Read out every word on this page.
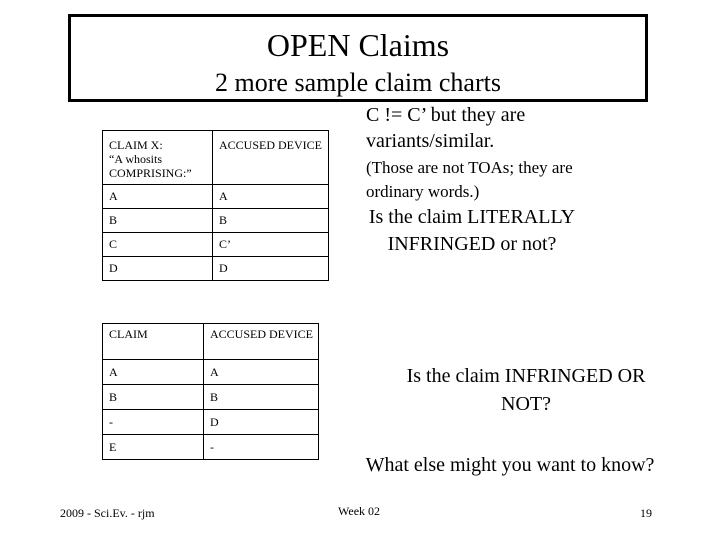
OPEN Claims
2 more sample claim charts
CLAIM X:
“A whosits COMPRISING:”	ACCUSED DEVICE
A	A
B	B
C	C’
D	D
CLAIM	ACCUSED DEVICE
A	A
B	B
-	D
E	-
C != C’ but they are variants/similar.
(Those are not TOAs; they are ordinary words.)
Is the claim LITERALLY INFRINGED or not?
Is the claim INFRINGED OR NOT?
What else might you want to know?
2009 - Sci.Ev. - rjm	Week 02	19
